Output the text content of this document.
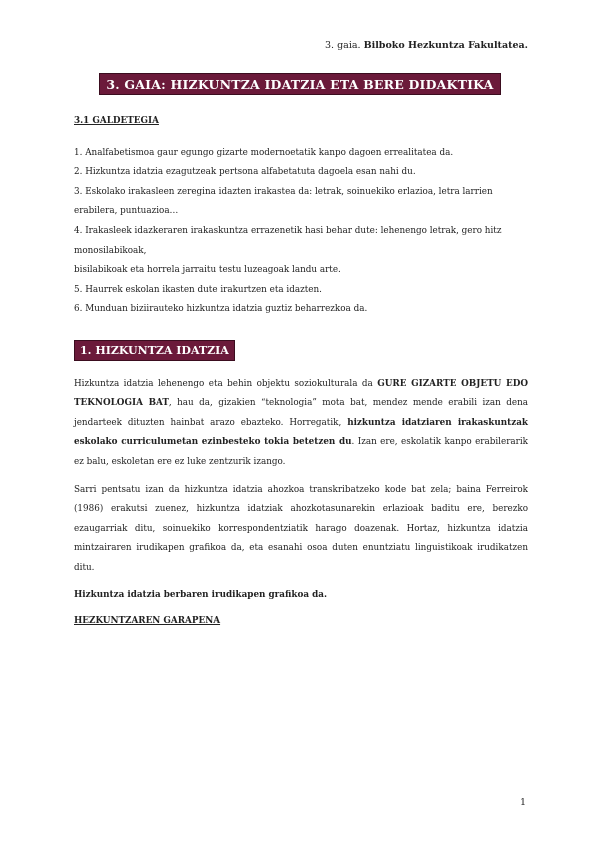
3. gaia. Bilboko Hezkuntza Fakultatea.
3. GAIA: HIZKUNTZA IDATZIA ETA BERE DIDAKTIKA

3.1 GALDETEGIA

1. Analfabetismoa gaur egungo gizarte modernoetatik kanpo dagoen errealitatea da.

2. Hizkuntza idatzia ezagutzeak pertsona alfabetatuta dagoela esan nahi du.

3. Eskolako irakasleen zeregina idazten irakastea da: letrak, soinuekiko erlazioa, letra larrien erabilera, puntuazioa…

4. Irakasleek idazkeraren irakaskuntza errazenetik hasi behar dute: lehenengo letrak, gero hitz monosilabikoak,

bisilabikoak eta horrela jarraitu testu luzeagoak landu arte.

5. Haurrek eskolan ikasten dute irakurtzen eta idazten.

6. Munduan biziirauteko hizkuntza idatzia guztiz beharrezkoa da.

1. HIZKUNTZA IDATZIA

Hizkuntza idatzia lehenengo eta behin objektu soziokulturala da GURE GIZARTE OBJETU EDO TEKNOLOGIA BAT, hau da, gizakien “teknologia” mota bat, mendez mende erabili izan dena jendarteek dituzten hainbat arazo ebazteko. Horregatik, hizkuntza idatziaren irakaskuntzak eskolako curriculumetan ezinbesteko tokia betetzen du. Izan ere, eskolatik kanpo erabilerarik ez balu, eskoletan ere ez luke zentzurik izango.

Sarri pentsatu izan da hizkuntza idatzia ahozkoa transkribatzeko kode bat zela; baina Ferreirok (1986) erakutsi zuenez, hizkuntza idatziak ahozkotasunarekin erlazioak baditu ere, berezko ezaugarriak ditu, soinuekiko korrespondentziatik harago doazenak. Hortaz, hizkuntza idatzia mintzairaren irudikapen grafikoa da, eta esanahi osoa duten enuntziatu linguistikoak irudikatzen ditu.

Hizkuntza idatzia berbaren irudikapen grafikoa da.

HEZKUNTZAREN GARAPENA

1
